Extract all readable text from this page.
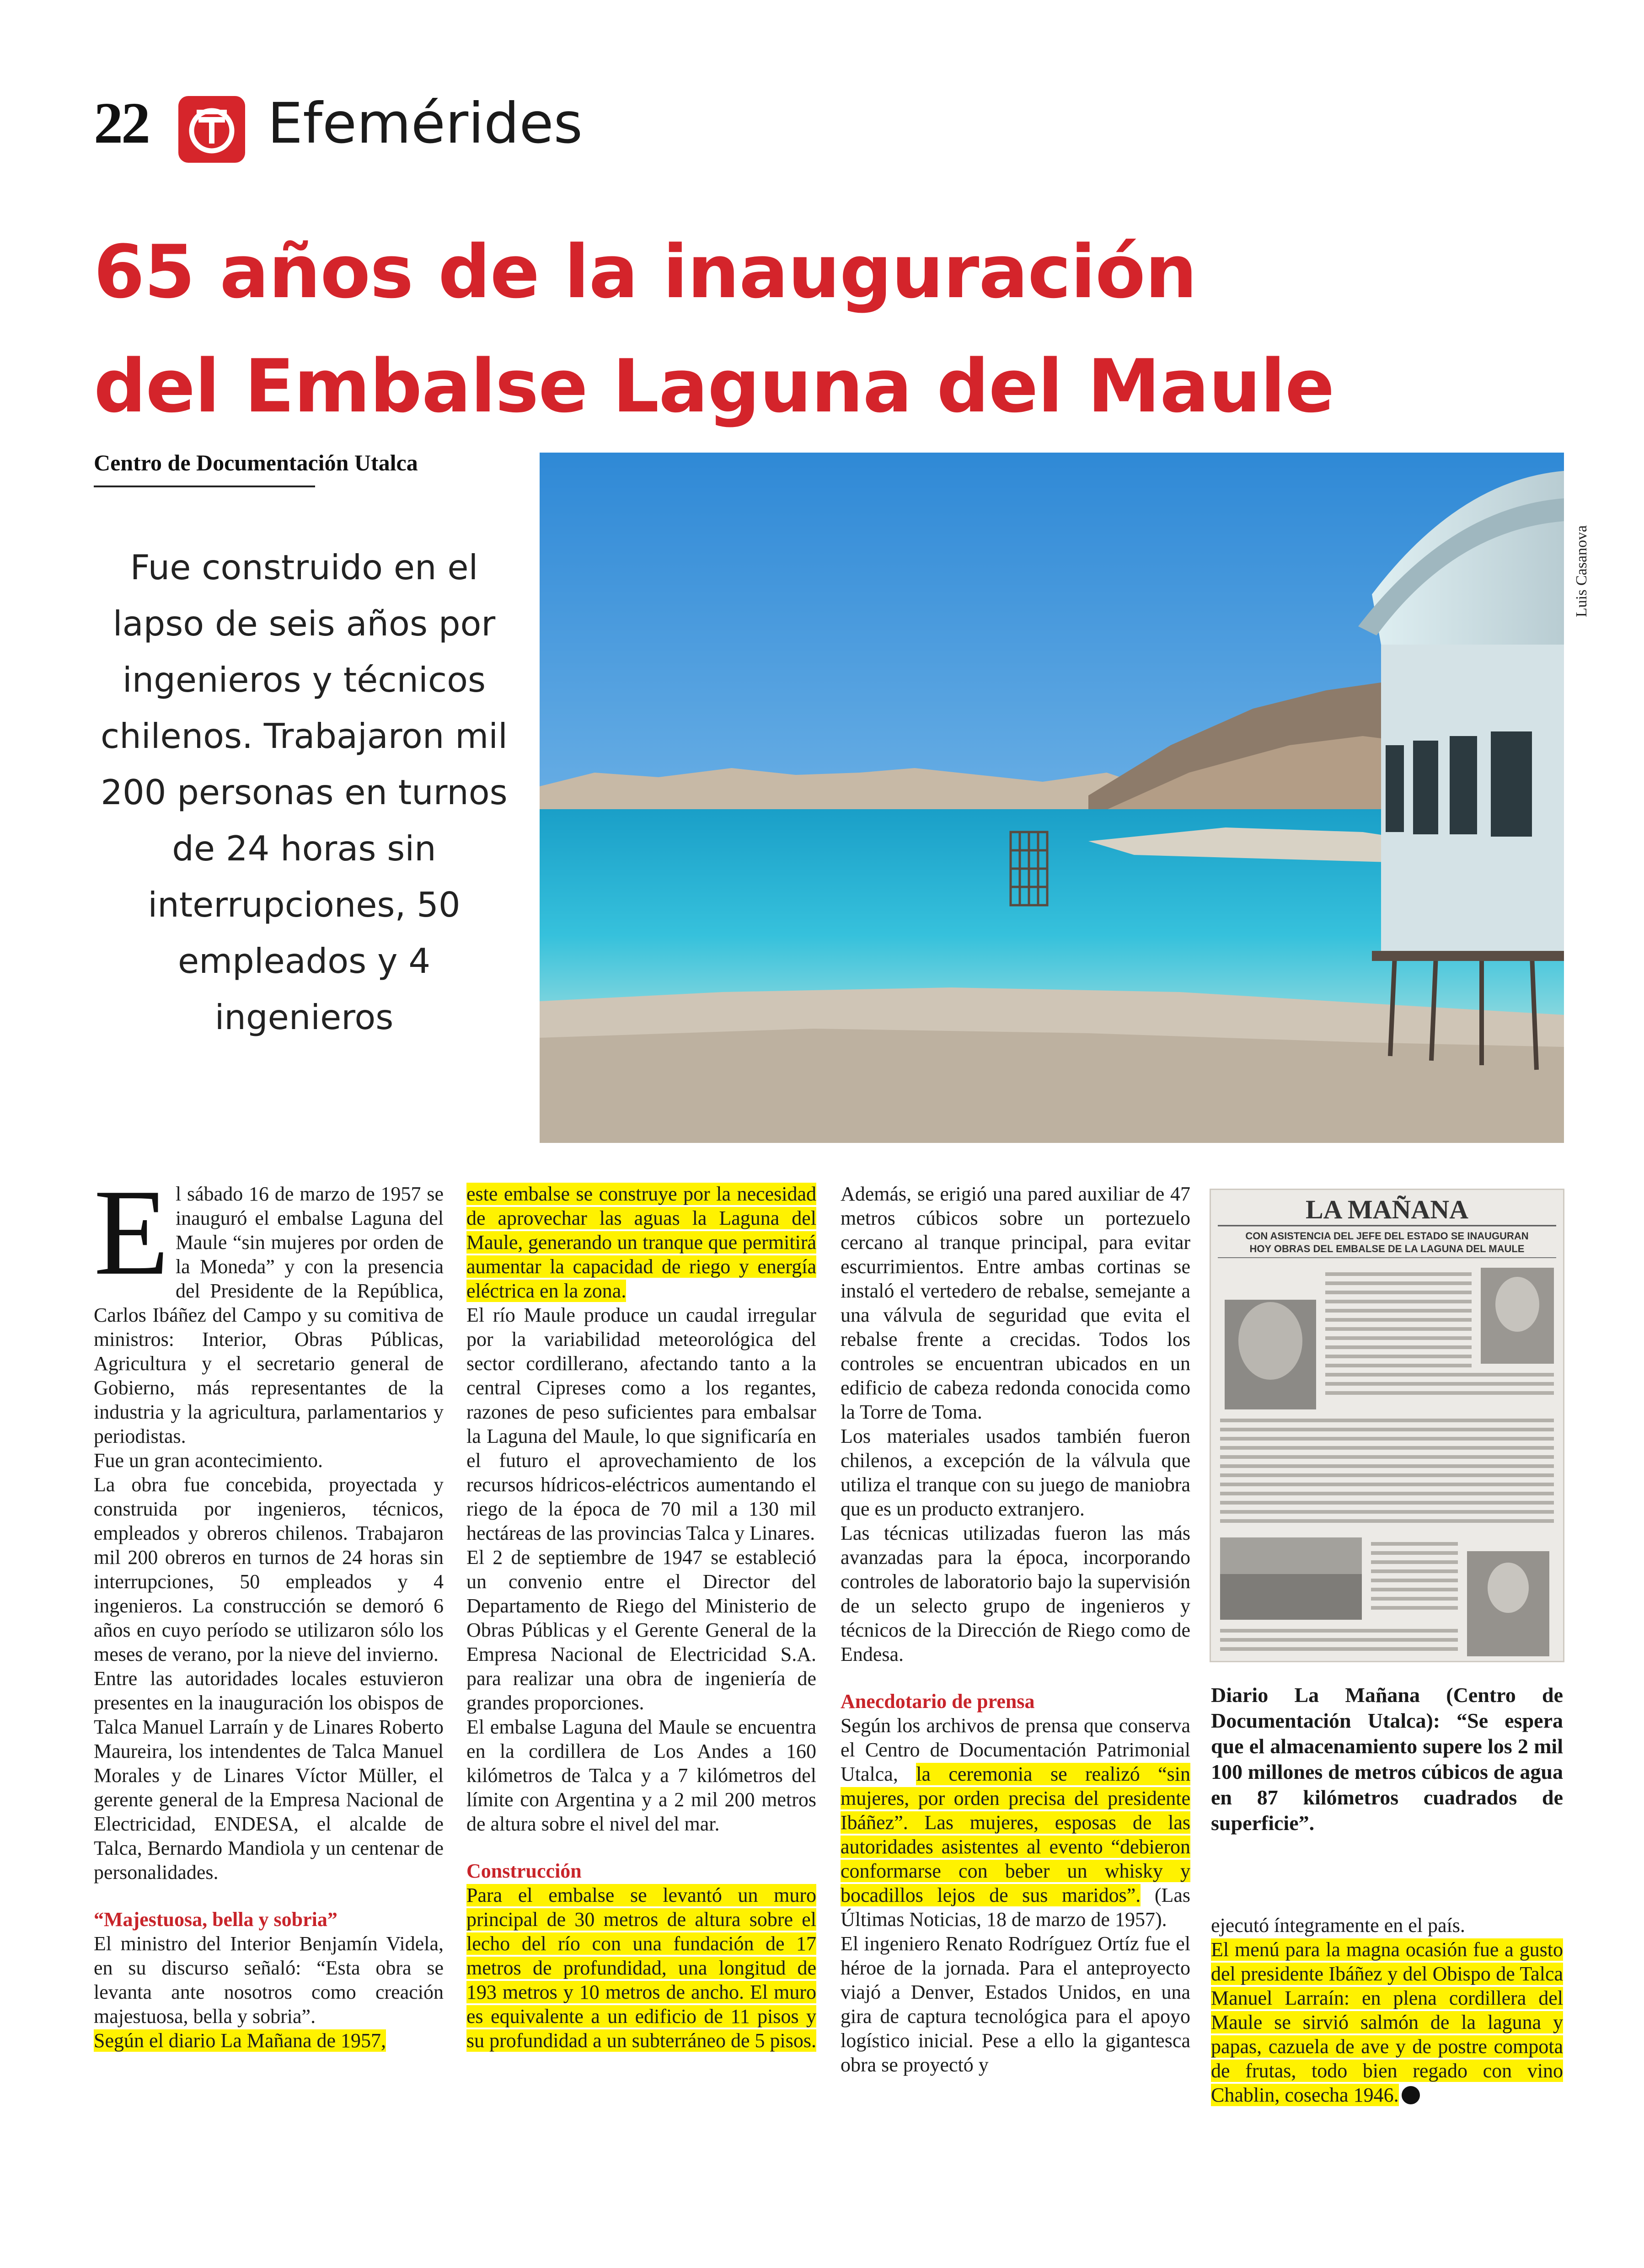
22 Efemérides
65 años de la inauguración
del Embalse Laguna del Maule
Centro de Documentación Utalca
Fue construido en el lapso de seis años por ingenieros y técnicos chilenos. Trabajaron mil 200 personas en turnos de 24 horas sin interrupciones, 50 empleados y 4 ingenieros
Luis Casanova

El sábado 16 de marzo de 1957 se inauguró el embalse Laguna del Maule “sin mujeres por orden de la Moneda” y con la presencia del Presidente de la República, Carlos Ibáñez del Campo y su comitiva de ministros: Interior, Obras Públicas, Agricultura y el secretario general de Gobierno, más representantes de la industria y la agricultura, parlamentarios y periodistas.

Fue un gran acontecimiento.

La obra fue concebida, proyectada y construida por ingenieros, técnicos, empleados y obreros chilenos. Trabajaron mil 200 obreros en turnos de 24 horas sin interrupciones, 50 empleados y 4 ingenieros. La construcción se demoró 6 años en cuyo período se utilizaron sólo los meses de verano, por la nieve del invierno.

Entre las autoridades locales estuvieron presentes en la inauguración los obispos de Talca Manuel Larraín y de Linares Roberto Maureira, los intendentes de Talca Manuel Morales y de Linares Víctor Müller, el gerente general de la Empresa Nacional de Electricidad, ENDESA, el alcalde de Talca, Bernardo Mandiola y un centenar de personalidades.

“Majestuosa, bella y sobria”

El ministro del Interior Benjamín Videla, en su discurso señaló: “Esta obra se levanta ante nosotros como creación majestuosa, bella y sobria”.

Según el diario La Mañana de 1957,

este embalse se construye por la necesidad de aprovechar las aguas la Laguna del Maule, generando un tranque que permitirá aumentar la capacidad de riego y energía eléctrica en la zona.

El río Maule produce un caudal irregular por la variabilidad meteorológica del sector cordillerano, afectando tanto a la central Cipreses como a los regantes, razones de peso suficientes para embalsar la Laguna del Maule, lo que significaría en el futuro el aprovechamiento de los recursos hídricos-eléctricos aumentando el riego de la época de 70 mil a 130 mil hectáreas de las provincias Talca y Linares.

El 2 de septiembre de 1947 se estableció un convenio entre el Director del Departamento de Riego del Ministerio de Obras Públicas y el Gerente General de la Empresa Nacional de Electricidad S.A. para realizar una obra de ingeniería de grandes proporciones.

El embalse Laguna del Maule se encuentra en la cordillera de Los Andes a 160 kilómetros de Talca y a 7 kilómetros del límite con Argentina y a 2 mil 200 metros de altura sobre el nivel del mar.

Construcción

Para el embalse se levantó un muro principal de 30 metros de altura sobre el lecho del río con una fundación de 17 metros de profundidad, una longitud de 193 metros y 10 metros de ancho. El muro es equivalente a un edificio de 11 pisos y su profundidad a un subterráneo de 5 pisos.

Además, se erigió una pared auxiliar de 47 metros cúbicos sobre un portezuelo cercano al tranque principal, para evitar escurrimientos. Entre ambas cortinas se instaló el vertedero de rebalse, semejante a una válvula de seguridad que evita el rebalse frente a crecidas. Todos los controles se encuentran ubicados en un edificio de cabeza redonda conocida como la Torre de Toma.

Los materiales usados también fueron chilenos, a excepción de la válvula que utiliza el tranque con su juego de maniobra que es un producto extranjero.

Las técnicas utilizadas fueron las más avanzadas para la época, incorporando controles de laboratorio bajo la supervisión de un selecto grupo de ingenieros y técnicos de la Dirección de Riego como de Endesa.

Anecdotario de prensa

Según los archivos de prensa que conserva el Centro de Documentación Patrimonial Utalca, la ceremonia se realizó “sin mujeres, por orden precisa del presidente Ibáñez”. Las mujeres, esposas de las autoridades asistentes al evento “debieron conformarse con beber un whisky y bocadillos lejos de sus maridos”. (Las Últimas Noticias, 18 de marzo de 1957).

El ingeniero Renato Rodríguez Ortíz fue el héroe de la jornada. Para el anteproyecto viajó a Denver, Estados Unidos, en una gira de captura tecnológica para el apoyo logístico inicial. Pese a ello la gigantesca obra se proyectó y

LA MAÑANA
CON ASISTENCIA DEL JEFE DEL ESTADO SE INAUGURAN
HOY OBRAS DEL EMBALSE DE LA LAGUNA DEL MAULE
Diario La Mañana (Centro de Documentación Utalca): “Se espera que el almacenamiento supere los 2 mil 100 millones de metros cúbicos de agua en 87 kilómetros cuadrados de superficie”.

ejecutó íntegramente en el país.

El menú para la magna ocasión fue a gusto del presidente Ibáñez y del Obispo de Talca Manuel Larraín: en plena cordillera del Maule se sirvió salmón de la laguna y papas, cazuela de ave y de postre compota de frutas, todo bien regado con vino Chablin, cosecha 1946.
